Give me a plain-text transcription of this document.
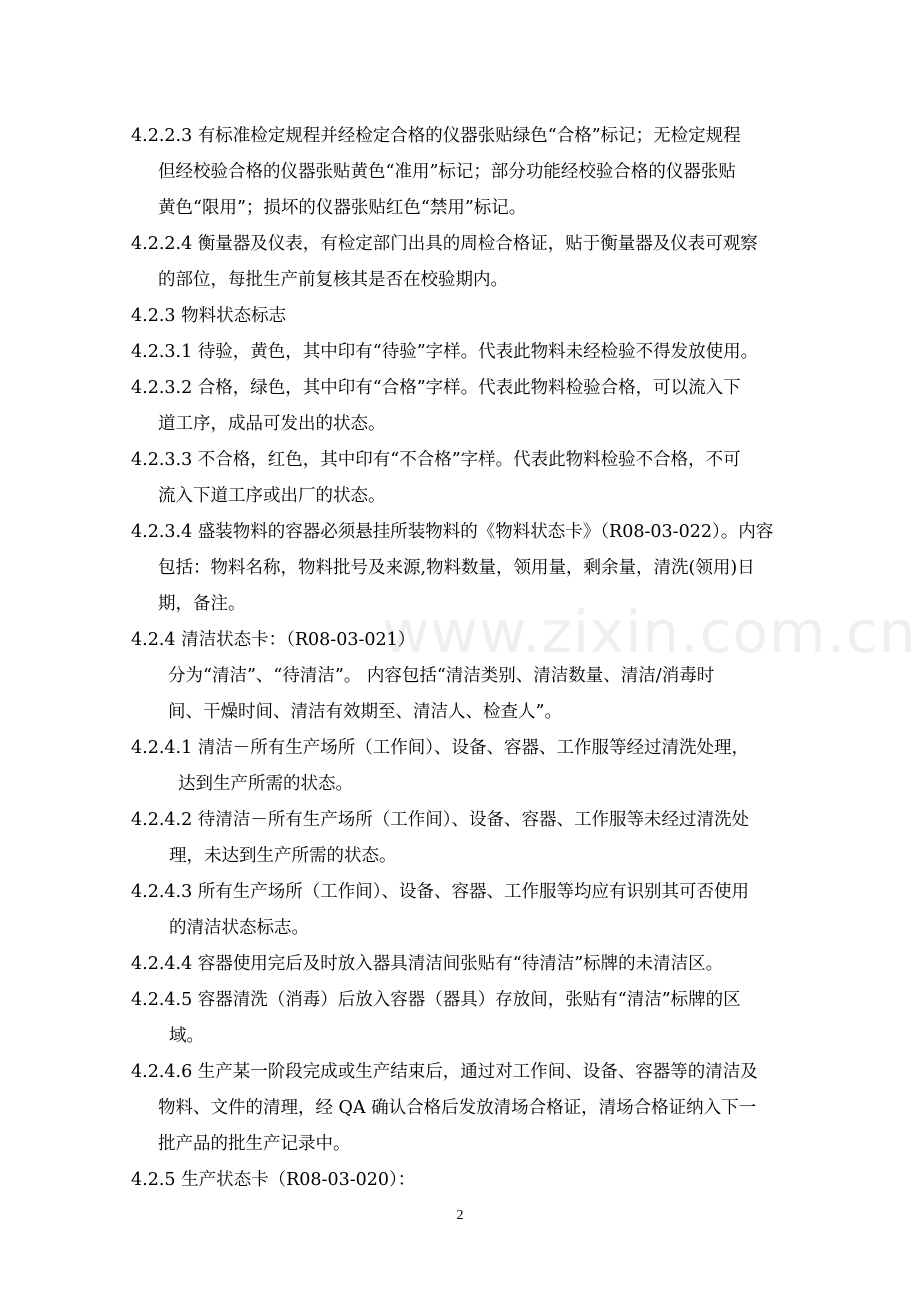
www.zixin.com.cn

4.2.2.3 有标准检定规程并经检定合格的仪器张贴绿色“合格”标记；无检定规程

但经校验合格的仪器张贴黄色“准用”标记；部分功能经校验合格的仪器张贴

黄色“限用”；损坏的仪器张贴红色“禁用”标记。

4.2.2.4 衡量器及仪表，有检定部门出具的周检合格证，贴于衡量器及仪表可观察

的部位，每批生产前复核其是否在校验期内。

4.2.3 物料状态标志

4.2.3.1 待验，黄色，其中印有“待验”字样。代表此物料未经检验不得发放使用。

4.2.3.2 合格，绿色，其中印有“合格”字样。代表此物料检验合格，可以流入下

道工序，成品可发出的状态。

4.2.3.3 不合格，红色，其中印有“不合格”字样。代表此物料检验不合格，不可

流入下道工序或出厂的状态。

4.2.3.4 盛装物料的容器必须悬挂所装物料的《物料状态卡》（R08-03-022）。内容

包括：物料名称，物料批号及来源,物料数量，领用量，剩余量，清洗(领用)日

期，备注。

4.2.4 清洁状态卡：（R08-03-021）

分为“清洁”、“待清洁”。 内容包括“清洁类别、清洁数量、清洁/消毒时

间、干燥时间、清洁有效期至、清洁人、检查人”。

4.2.4.1 清洁－所有生产场所（工作间）、设备、容器、工作服等经过清洗处理，

达到生产所需的状态。

4.2.4.2 待清洁－所有生产场所（工作间）、设备、容器、工作服等未经过清洗处

理，未达到生产所需的状态。

4.2.4.3 所有生产场所（工作间）、设备、容器、工作服等均应有识别其可否使用

的清洁状态标志。

4.2.4.4 容器使用完后及时放入器具清洁间张贴有“待清洁”标牌的未清洁区。

4.2.4.5 容器清洗（消毒）后放入容器（器具）存放间，张贴有“清洁”标牌的区

域。

4.2.4.6 生产某一阶段完成或生产结束后，通过对工作间、设备、容器等的清洁及

物料、文件的清理，经 QA 确认合格后发放清场合格证，清场合格证纳入下一

批产品的批生产记录中。

4.2.5 生产状态卡（R08-03-020）：

2
